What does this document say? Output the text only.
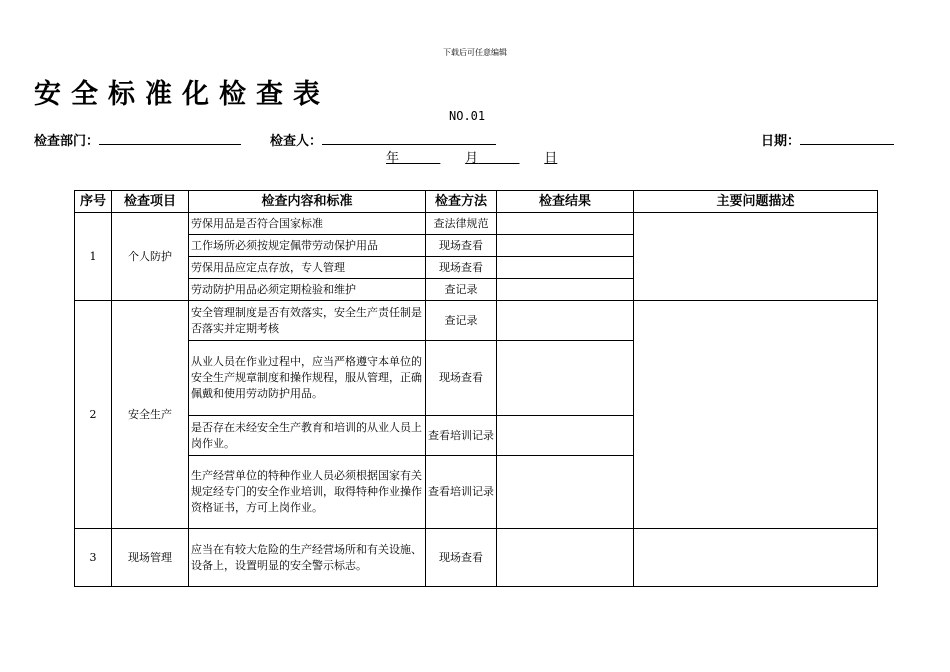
下载后可任意编辑
安全标准化检查表
NO.01
检查部门：	检查人：	日期：
年	月	日
序号	检查项目	检查内容和标准	检查方法	检查结果	主要问题描述
1	个人防护	劳保用品是否符合国家标准	查法律规范		
		工作场所必须按规定佩带劳动保护用品	现场查看		
		劳保用品应定点存放，专人管理	现场查看		
		劳动防护用品必须定期检验和维护	查记录		
2	安全生产	安全管理制度是否有效落实，安全生产责任制是否落实并定期考核	查记录		
		从业人员在作业过程中，应当严格遵守本单位的安全生产规章制度和操作规程，服从管理，正确佩戴和使用劳动防护用品。	现场查看		
		是否存在未经安全生产教育和培训的从业人员上岗作业。	查看培训记录		
		生产经营单位的特种作业人员必须根据国家有关规定经专门的安全作业培训，取得特种作业操作资格证书，方可上岗作业。	查看培训记录		
3	现场管理	应当在有较大危险的生产经营场所和有关设施、设备上，设置明显的安全警示标志。	现场查看		
